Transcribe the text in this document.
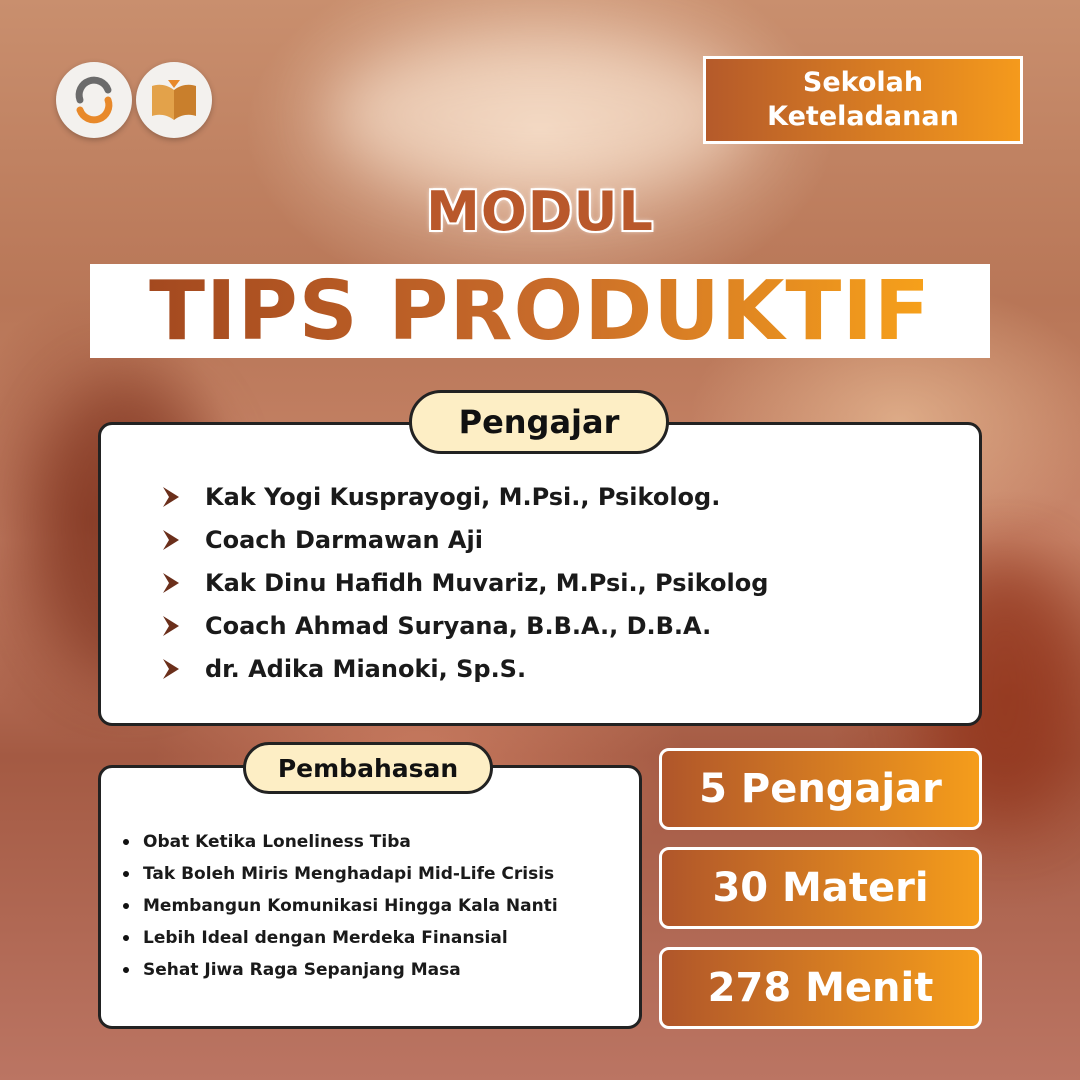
Sekolah
Keteladanan
MODUL
TIPS PRODUKTIF
Kak Yogi Kusprayogi, M.Psi., Psikolog.
Coach Darmawan Aji
Kak Dinu Hafidh Muvariz, M.Psi., Psikolog
Coach Ahmad Suryana, B.B.A., D.B.A.
dr. Adika Mianoki, Sp.S.
Pengajar
Obat Ketika Loneliness Tiba
Tak Boleh Miris Menghadapi Mid-Life Crisis
Membangun Komunikasi Hingga Kala Nanti
Lebih Ideal dengan Merdeka Finansial
Sehat Jiwa Raga Sepanjang Masa
Pembahasan	5 Pengajar
30 Materi
278 Menit
